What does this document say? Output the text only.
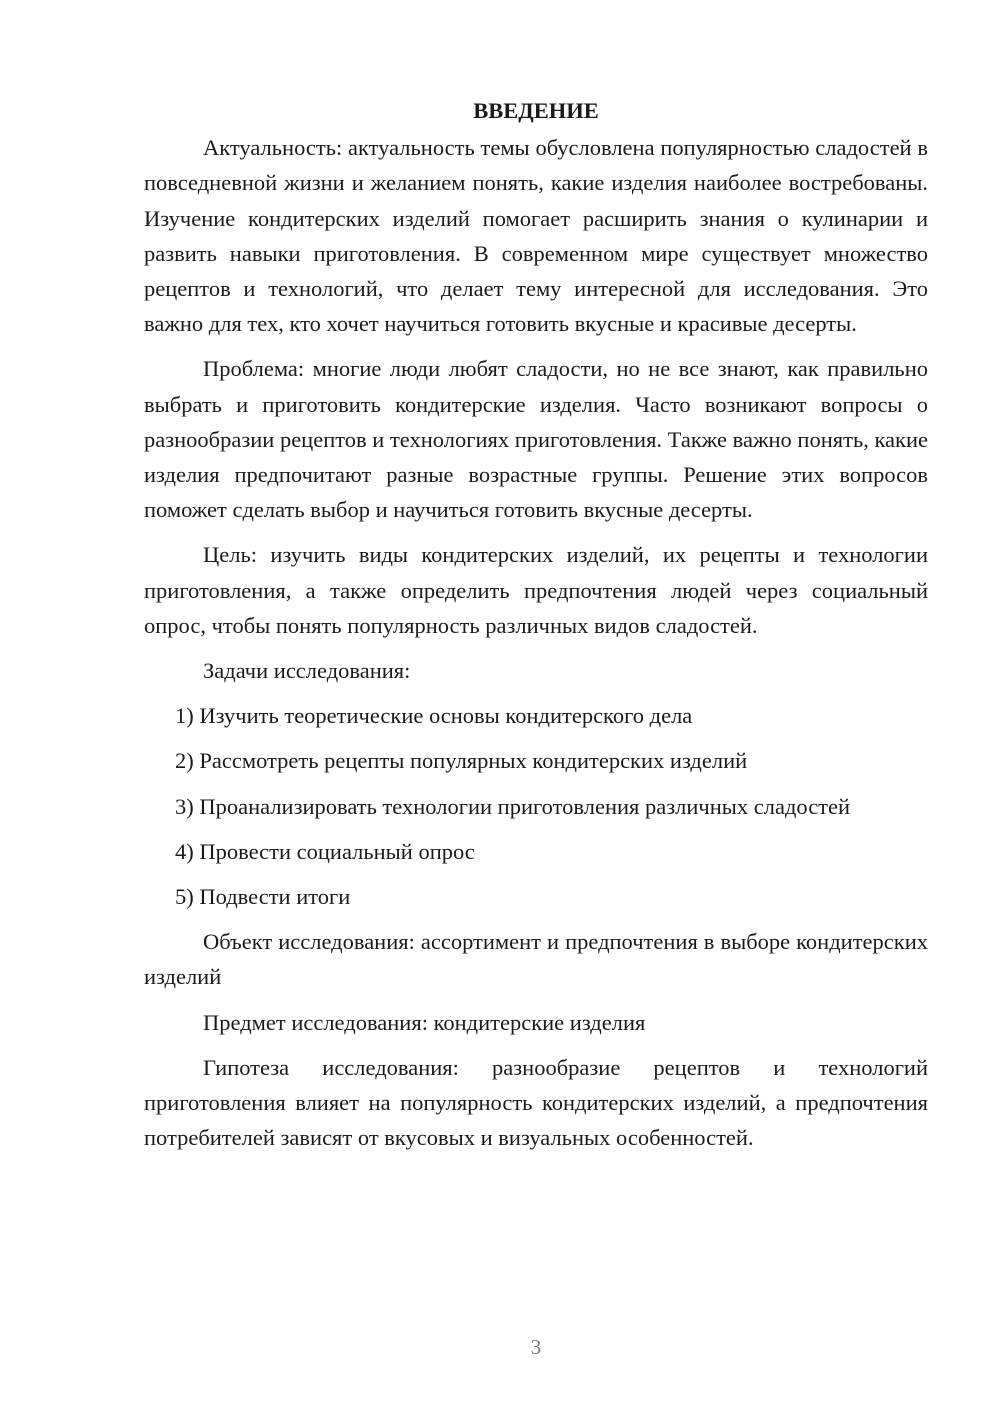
ВВЕДЕНИЕ

Актуальность: актуальность темы обусловлена популярностью сладостей в повседневной жизни и желанием понять, какие изделия наиболее востребованы. Изучение кондитерских изделий помогает расширить знания о кулинарии и развить навыки приготовления. В современном мире существует множество рецептов и технологий, что делает тему интересной для исследования. Это важно для тех, кто хочет научиться готовить вкусные и красивые десерты.

Проблема: многие люди любят сладости, но не все знают, как правильно выбрать и приготовить кондитерские изделия. Часто возникают вопросы о разнообразии рецептов и технологиях приготовления. Также важно понять, какие изделия предпочитают разные возрастные группы. Решение этих вопросов поможет сделать выбор и научиться готовить вкусные десерты.

Цель: изучить виды кондитерских изделий, их рецепты и технологии приготовления, а также определить предпочтения людей через социальный опрос, чтобы понять популярность различных видов сладостей.

Задачи исследования:

1) Изучить теоретические основы кондитерского дела
2) Рассмотреть рецепты популярных кондитерских изделий
3) Проанализировать технологии приготовления различных сладостей
4) Провести социальный опрос
5) Подвести итоги

Объект исследования: ассортимент и предпочтения в выборе кондитерских изделий

Предмет исследования: кондитерские изделия

Гипотеза исследования: разнообразие рецептов и технологий приготовления влияет на популярность кондитерских изделий, а предпочтения потребителей зависят от вкусовых и визуальных особенностей.

3
